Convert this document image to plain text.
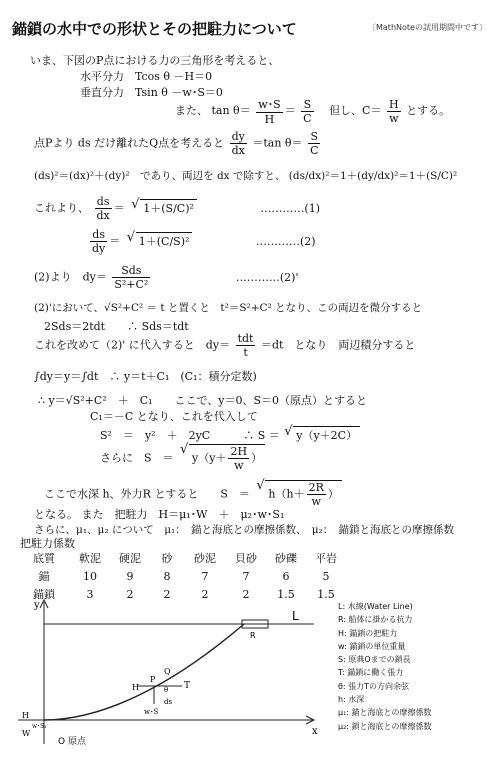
錨鎖の水中での形状とその把駐力について	〔MathNoteの試用期間中です〕
いま、下図のP点における力の三角形を考えると、
水平分力　Tcos θ －H＝0
垂直分力　Tsin θ －w･S＝0
また、 $\tan \theta= \frac{w･S}{H} = \frac{S}{C}$ 但し、$C= \frac{H}{w}$ とする。
点Pより ds だけ離れたQ点を考えると $\frac{dy}{dx} =\tan$ $\theta= \frac{S}{C}$
(ds)²＝(dx)²＋(dy)²　であり、両辺を dx で除すと、 (ds/dx)²＝1＋(dy/dx)²＝1＋(S/C)²
これより、 $\frac{ds}{dx}$ ＝ √ 1＋(S/C)²	‥‥‥‥‥‥(1)
$\frac{ds}{dy}$ ＝ √ 1＋(C/S)²	‥‥‥‥‥‥(2)
(2)より　$dy= \frac{\text{Sds}}{\text{S²+C²}}$	‥‥‥‥‥‥(2)'
(2)'において、√S²+C² ＝ t と置くと　t²＝S²+C² となり、この両辺を微分すると
2Sds＝2tdt　　∴ Sds＝tdt
これを改めて（2)' に代入すると　$dy= \frac{\text{tdt}}{t} =dt$　となり　両辺積分すると
∫dy＝y＝∫dt　∴ y＝t＋C₁　(C₁：積分定数)
∴ y＝√S²+C²　＋　C₁　　ここで、y＝0、S＝0（原点）とすると
C₁＝－C となり、これを代入して
S²　＝　y²　＋　2yC　　　∴ S ＝ √ y（y＋2C）
さらに　S　＝ √ $y(y+ \frac{2H}{w}$ ）
ここで水深 h、外力R とすると　　S　＝ √ $h(h+ \frac{2R}{w}$ ）
となる。 また　把駐力　H＝μ₁･W　＋　μ₂･w･S₁
さらに、μ₁、μ₂ について　μ₁：　錨と海底との摩擦係数、　μ₂：　錨鎖と海底との摩擦係数
把駐力係数
底質	軟泥	硬泥	砂	砂泥	貝砂	砂礫	平岩
錨	10	9	8	7	7	6	5
錨鎖	3	2	2	2	2	1.5	1.5
y
x
L
R
O 原点
P
Q
T
H
w･S
ds
θ
H
W
w･S₁
L: 水線(Water Line)
R: 船体に掛かる抗力
H: 錨鎖の把駐力
w: 錨鎖の単位重量
S: 原典Oまでの鎖長
T: 錨鎖に働く張力
θ: 張力Tの方向余弦
h: 水深
μ₁: 錨と海底との摩擦係数
μ₂: 鎖と海底との摩擦係数
